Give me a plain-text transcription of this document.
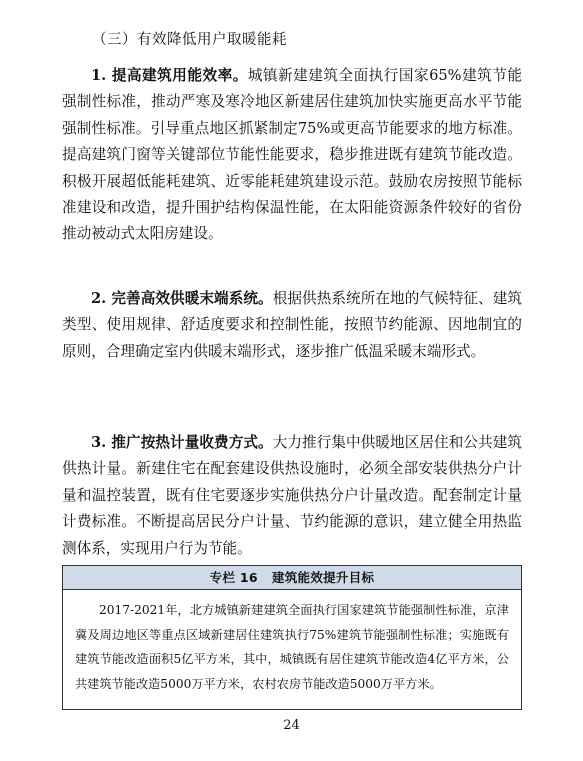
（三）有效降低用户取暖能耗

1. 提高建筑用能效率。城镇新建建筑全面执行国家65%建筑节能强制性标准，推动严寒及寒冷地区新建居住建筑加快实施更高水平节能强制性标准。引导重点地区抓紧制定75%或更高节能要求的地方标准。提高建筑门窗等关键部位节能性能要求，稳步推进既有建筑节能改造。积极开展超低能耗建筑、近零能耗建筑建设示范。鼓励农房按照节能标准建设和改造，提升围护结构保温性能，在太阳能资源条件较好的省份推动被动式太阳房建设。

2. 完善高效供暖末端系统。根据供热系统所在地的气候特征、建筑类型、使用规律、舒适度要求和控制性能，按照节约能源、因地制宜的原则，合理确定室内供暖末端形式，逐步推广低温采暖末端形式。

3. 推广按热计量收费方式。大力推行集中供暖地区居住和公共建筑供热计量。新建住宅在配套建设供热设施时，必须全部安装供热分户计量和温控装置，既有住宅要逐步实施供热分户计量改造。配套制定计量计费标准。不断提高居民分户计量、节约能源的意识，建立健全用热监测体系，实现用户行为节能。

专栏 16 建筑能效提升目标
2017-2021年，北方城镇新建建筑全面执行国家建筑节能强制性标准，京津冀及周边地区等重点区域新建居住建筑执行75%建筑节能强制性标准；实施既有建筑节能改造面积5亿平方米，其中，城镇既有居住建筑节能改造4亿平方米，公共建筑节能改造5000万平方米，农村农房节能改造5000万平方米。
24
